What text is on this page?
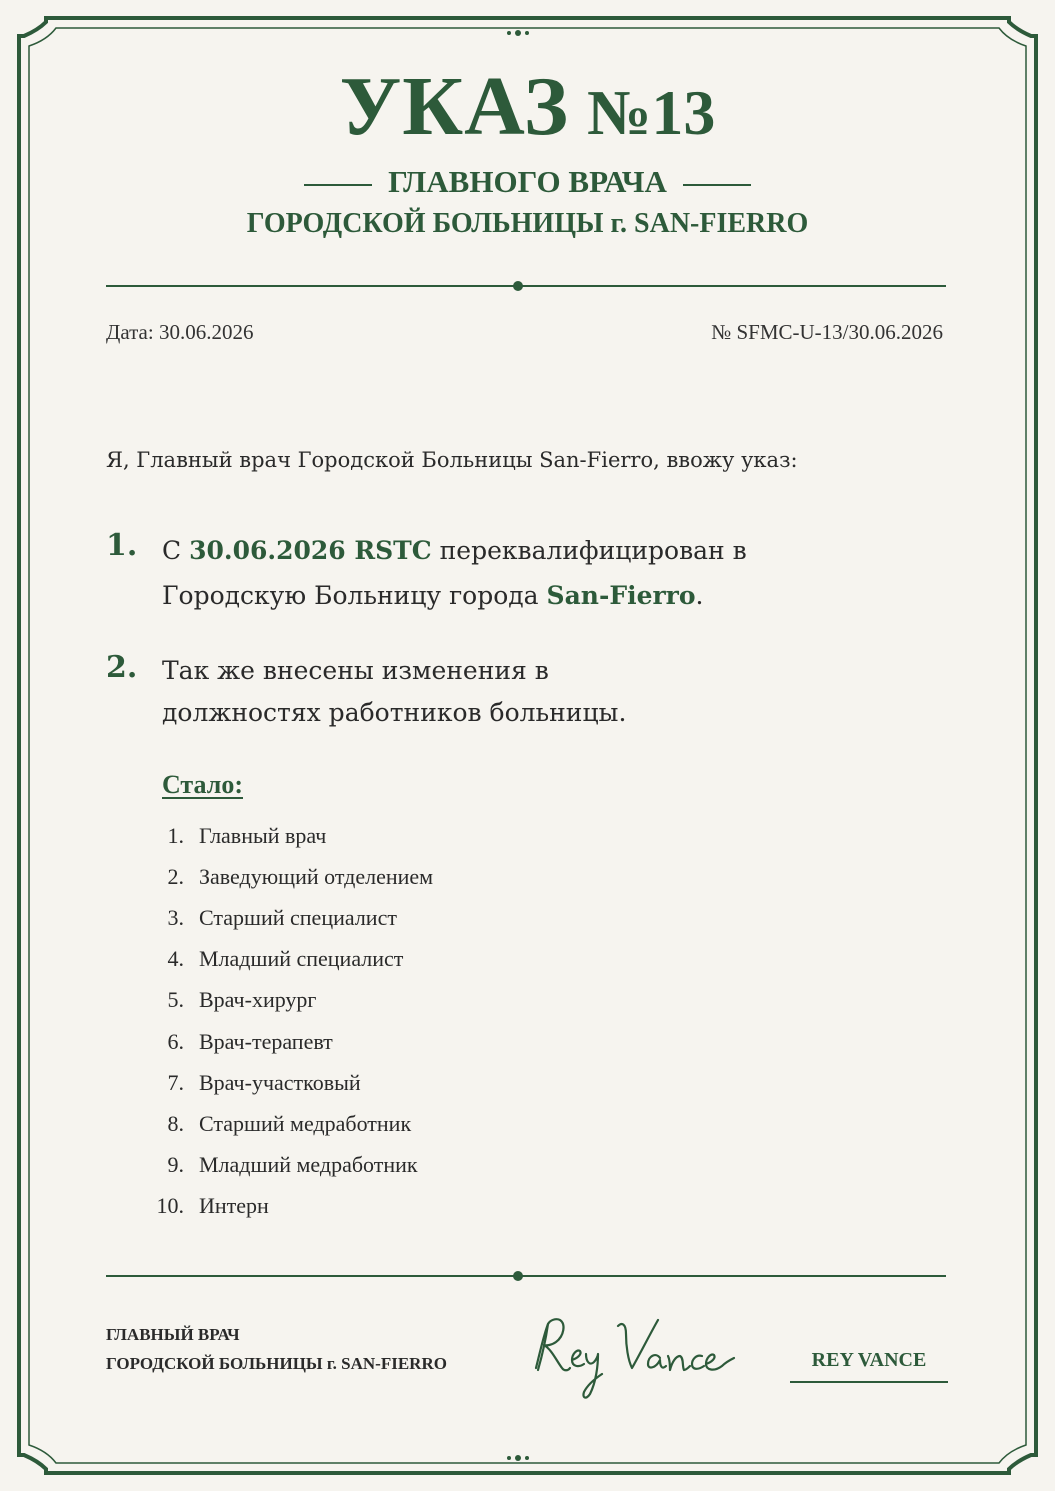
УКАЗ №13
ГЛАВНОГО ВРАЧА
ГОРОДСКОЙ БОЛЬНИЦЫ г. SAN-FIERRO
Дата: 30.06.2026	№ SFMC-U-13/30.06.2026
Я, Главный врач Городской Больницы San-Fierro, ввожу указ:
1. С 30.06.2026 RSTC переквалифицирован в Городскую Больницу города San-Fierro.
2. Так же внесены изменения в должностях работников больницы.
Стало:
1. Главный врач
2. Заведующий отделением
3. Старший специалист
4. Младший специалист
5. Врач-хирург
6. Врач-терапевт
7. Врач-участковый
8. Старший медработник
9. Младший медработник
10. Интерн
ГЛАВНЫЙ ВРАЧ
ГОРОДСКОЙ БОЛЬНИЦЫ г. SAN-FIERRO	REY VANCE
